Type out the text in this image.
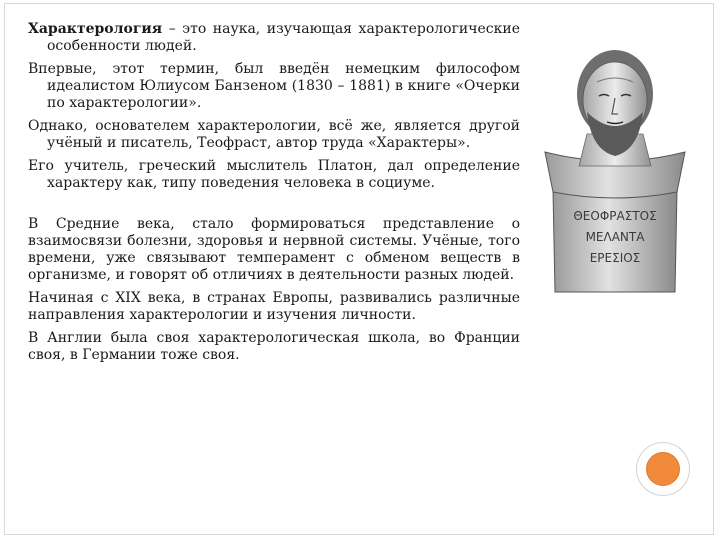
Характерология – это наука, изучающая характерологические особенности людей.

Впервые, этот термин, был введён немецким философом идеалистом Юлиусом Банзеном (1830 – 1881) в книге «Очерки по характерологии».

Однако, основателем характерологии, всё же, является другой учёный и писатель, Теофраст, автор труда «Характеры».

Его учитель, греческий мыслитель Платон, дал определение характеру как, типу поведения человека в социуме.

В Средние века, стало формироваться представление о взаимосвязи болезни, здоровья и нервной системы. Учёные, того времени, уже связывают темперамент с обменом веществ в организме, и говорят об отличиях в деятельности разных людей.

Начиная с XIX века, в странах Европы, развивались различные направления характерологии и изучения личности.

В Англии была своя характерологическая школа, во Франции своя, в Германии тоже своя.

ΘΕΟΦΡΑΣΤΟΣ
ΜΕΛΑΝΤΑ
ΕΡΕΣΙΟΣ
